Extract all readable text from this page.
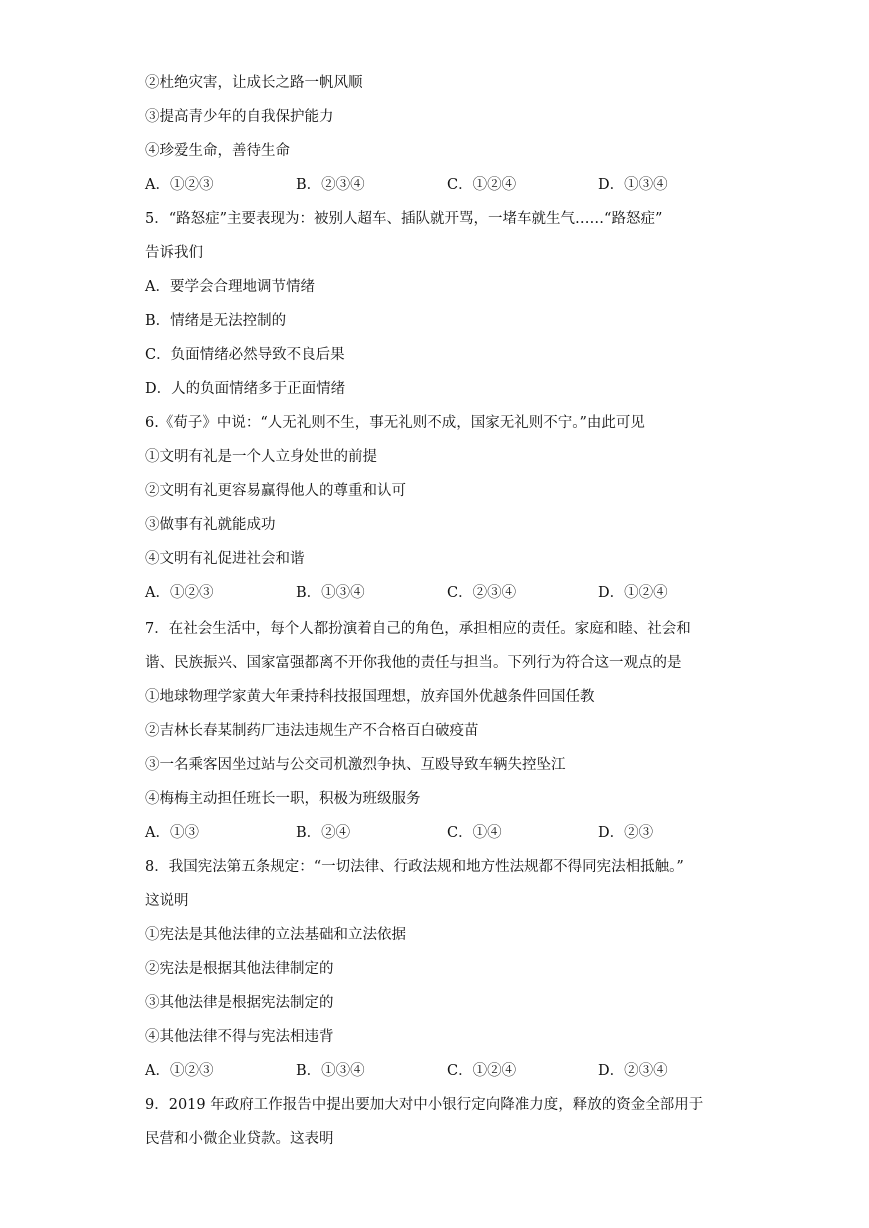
②杜绝灾害，让成长之路一帆风顺
③提高青少年的自我保护能力
④珍爱生命，善待生命
A．①②③	B．②③④	C．①②④	D．①③④
5．“路怒症”主要表现为：被别人超车、插队就开骂，一堵车就生气……“路怒症”
告诉我们
A．要学会合理地调节情绪
B．情绪是无法控制的
C．负面情绪必然导致不良后果
D．人的负面情绪多于正面情绪
6.《荀子》中说：“人无礼则不生，事无礼则不成，国家无礼则不宁。”由此可见
①文明有礼是一个人立身处世的前提
②文明有礼更容易赢得他人的尊重和认可
③做事有礼就能成功
④文明有礼促进社会和谐
A．①②③	B．①③④	C．②③④	D．①②④
7．在社会生活中，每个人都扮演着自己的角色，承担相应的责任。家庭和睦、社会和
谐、民族振兴、国家富强都离不开你我他的责任与担当。下列行为符合这一观点的是
①地球物理学家黄大年秉持科技报国理想，放弃国外优越条件回国任教
②吉林长春某制药厂违法违规生产不合格百白破疫苗
③一名乘客因坐过站与公交司机激烈争执、互殴导致车辆失控坠江
④梅梅主动担任班长一职，积极为班级服务
A．①③	B．②④	C．①④	D．②③
8．我国宪法第五条规定：“一切法律、行政法规和地方性法规都不得同宪法相抵触。”
这说明
①宪法是其他法律的立法基础和立法依据
②宪法是根据其他法律制定的
③其他法律是根据宪法制定的
④其他法律不得与宪法相违背
A．①②③	B．①③④	C．①②④	D．②③④
9．2019 年政府工作报告中提出要加大对中小银行定向降准力度，释放的资金全部用于
民营和小微企业贷款。这表明
